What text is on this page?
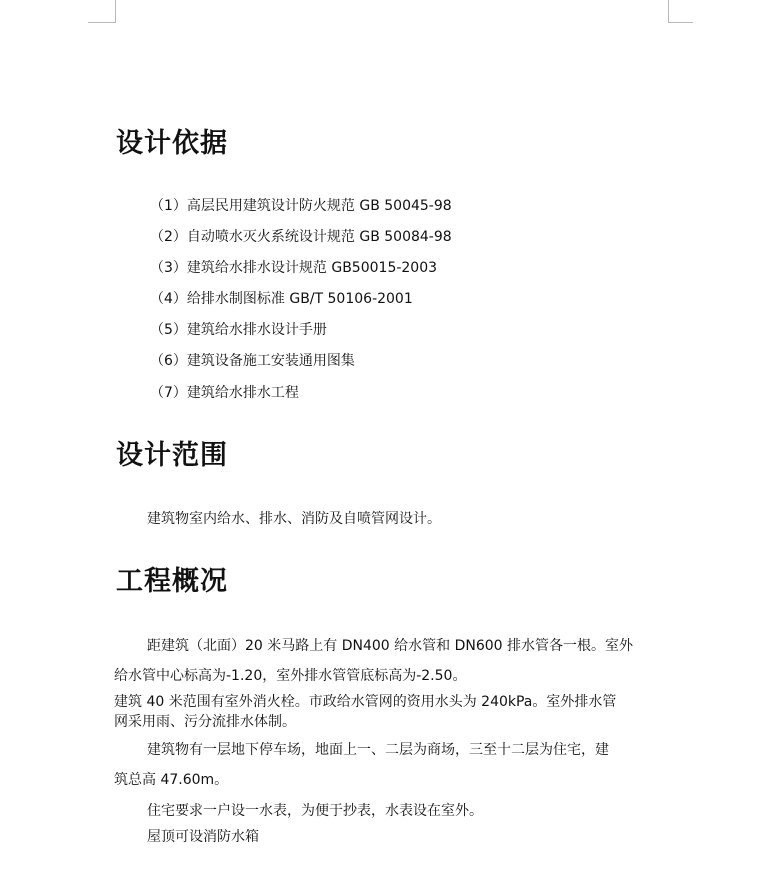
设计依据
（1）高层民用建筑设计防火规范 GB 50045-98
（2）自动喷水灭火系统设计规范 GB 50084-98
（3）建筑给水排水设计规范 GB50015-2003
（4）给排水制图标准 GB/T 50106-2001
（5）建筑给水排水设计手册
（6）建筑设备施工安装通用图集
（7）建筑给水排水工程
设计范围

建筑物室内给水、排水、消防及自喷管网设计。

工程概况

距建筑（北面）20 米马路上有 DN400 给水管和 DN600 排水管各一根。室外

给水管中心标高为-1.20，室外排水管管底标高为-2.50。

建筑 40 米范围有室外消火栓。市政给水管网的资用水头为 240kPa。室外排水管

网采用雨、污分流排水体制。

建筑物有一层地下停车场，地面上一、二层为商场，三至十二层为住宅，建

筑总高 47.60m。

住宅要求一户设一水表，为便于抄表，水表设在室外。

屋顶可设消防水箱
